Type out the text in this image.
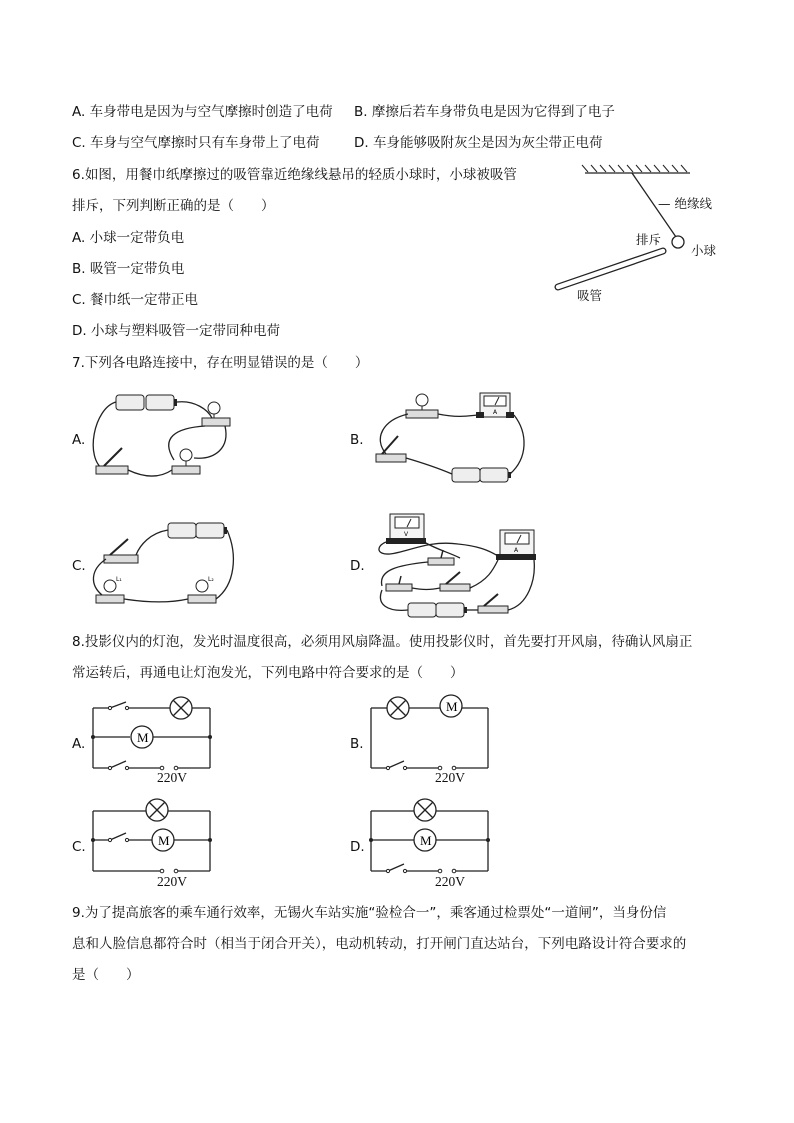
A. 车身带电是因为与空气摩擦时创造了电荷 B. 摩擦后若车身带负电是因为它得到了电子
C. 车身与空气摩擦时只有车身带上了电荷	D. 车身能够吸附灰尘是因为灰尘带正电荷
6.如图，用餐巾纸摩擦过的吸管靠近绝缘线悬吊的轻质小球时，小球被吸管
排斥，下列判断正确的是（　　）
A. 小球一定带负电
B. 吸管一定带负电
C. 餐巾纸一定带正电
D. 小球与塑料吸管一定带同种电荷
— 绝缘线
排斥
小球
吸管
7.下列各电路连接中，存在明显错误的是（　　）
A.	B.
C.	D.
A
L₁	L₂
V
A
8.投影仪内的灯泡，发光时温度很高，必须用风扇降温。使用投影仪时，首先要打开风扇，待确认风扇正
常运转后，再通电让灯泡发光，下列电路中符合要求的是（　　）
A.	B.
C.	D.
M
220V
M
220V
M
220V
M
220V
9.为了提高旅客的乘车通行效率，无锡火车站实施“验检合一”，乘客通过检票处“一道闸”，当身份信
息和人脸信息都符合时（相当于闭合开关），电动机转动，打开闸门直达站台，下列电路设计符合要求的
是（　　）
